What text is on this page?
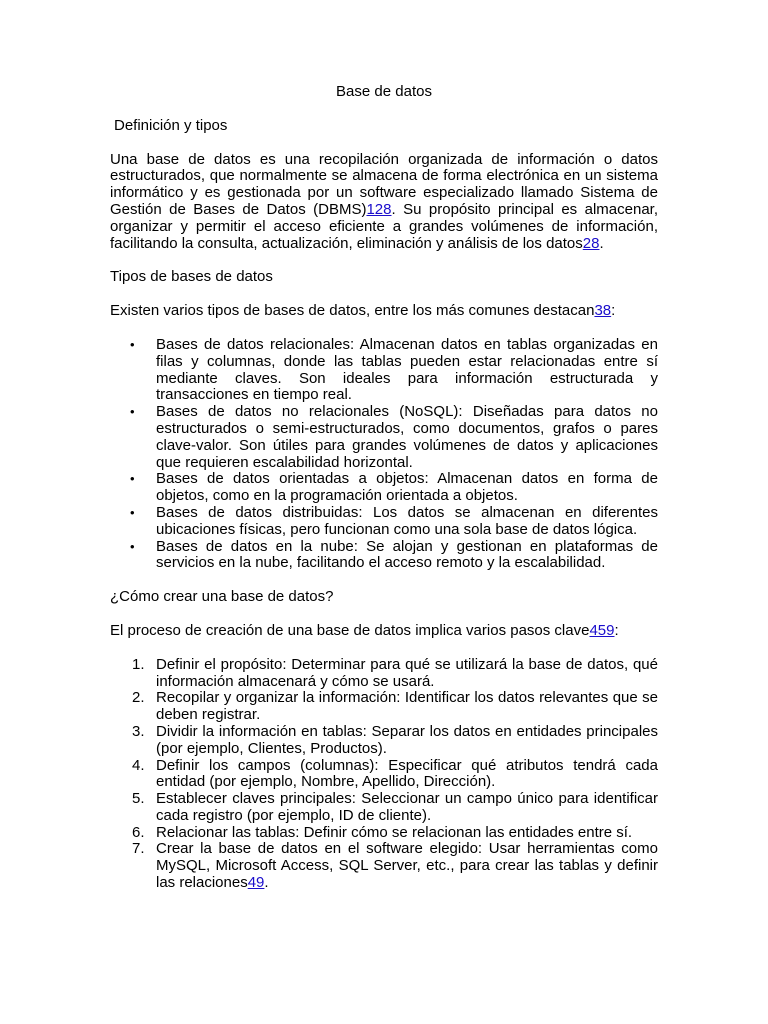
Base de datos
Definición y tipos

Una base de datos es una recopilación organizada de información o datos estructurados, que normalmente se almacena de forma electrónica en un sistema informático y es gestionada por un software especializado llamado Sistema de Gestión de Bases de Datos (DBMS)128. Su propósito principal es almacenar, organizar y permitir el acceso eficiente a grandes volúmenes de información, facilitando la consulta, actualización, eliminación y análisis de los datos28.

Tipos de bases de datos

Existen varios tipos de bases de datos, entre los más comunes destacan38:

• Bases de datos relacionales: Almacenan datos en tablas organizadas en filas y columnas, donde las tablas pueden estar relacionadas entre sí mediante claves. Son ideales para información estructurada y transacciones en tiempo real.
• Bases de datos no relacionales (NoSQL): Diseñadas para datos no estructurados o semi-estructurados, como documentos, grafos o pares clave-valor. Son útiles para grandes volúmenes de datos y aplicaciones que requieren escalabilidad horizontal.
• Bases de datos orientadas a objetos: Almacenan datos en forma de objetos, como en la programación orientada a objetos.
• Bases de datos distribuidas: Los datos se almacenan en diferentes ubicaciones físicas, pero funcionan como una sola base de datos lógica.
• Bases de datos en la nube: Se alojan y gestionan en plataformas de servicios en la nube, facilitando el acceso remoto y la escalabilidad.
¿Cómo crear una base de datos?

El proceso de creación de una base de datos implica varios pasos clave459:

1. Definir el propósito: Determinar para qué se utilizará la base de datos, qué información almacenará y cómo se usará.
2. Recopilar y organizar la información: Identificar los datos relevantes que se deben registrar.
3. Dividir la información en tablas: Separar los datos en entidades principales (por ejemplo, Clientes, Productos).
4. Definir los campos (columnas): Especificar qué atributos tendrá cada entidad (por ejemplo, Nombre, Apellido, Dirección).
5. Establecer claves principales: Seleccionar un campo único para identificar cada registro (por ejemplo, ID de cliente).
6. Relacionar las tablas: Definir cómo se relacionan las entidades entre sí.
7. Crear la base de datos en el software elegido: Usar herramientas como MySQL, Microsoft Access, SQL Server, etc., para crear las tablas y definir las relaciones49.
